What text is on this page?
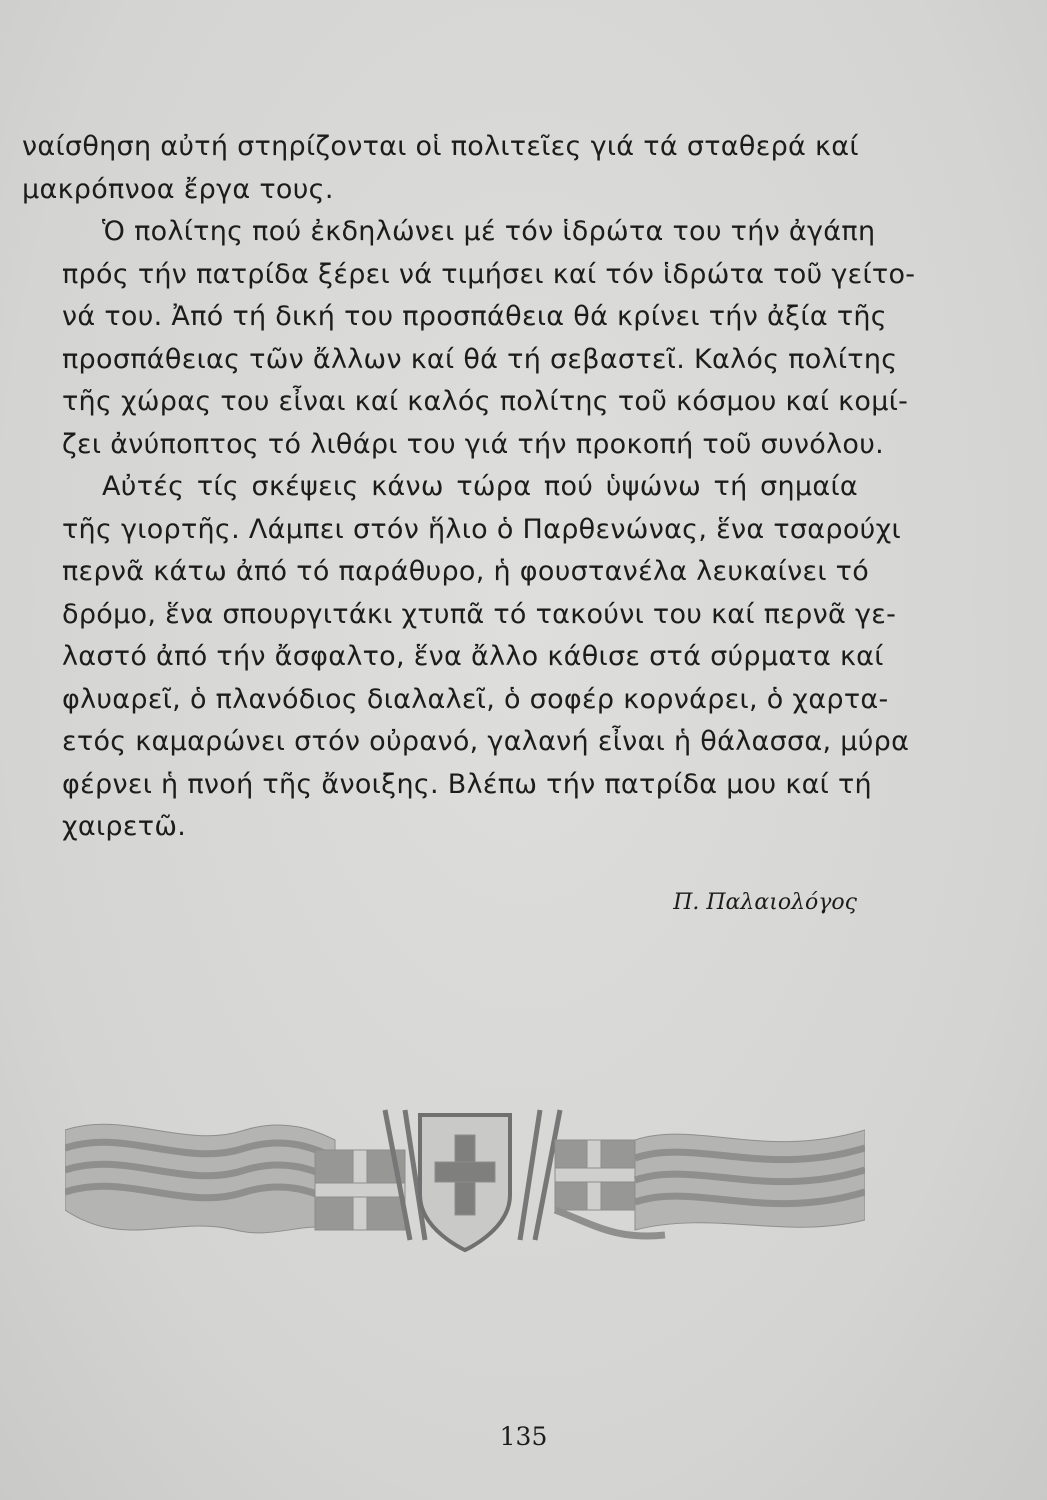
ναίσθηση αὐτή στηρίζονται οἱ πολιτεῖες γιά τά σταθερά καί
μακρόπνοα ἔργα τους.

Ὁ πολίτης πού ἐκδηλώνει μέ τόν ἱδρώτα του τήν ἀγάπη
πρός τήν πατρίδα ξέρει νά τιμήσει καί τόν ἱδρώτα τοῦ γείτο-
νά του. Ἀπό τή δική του προσπάθεια θά κρίνει τήν ἀξία τῆς
προσπάθειας τῶν ἄλλων καί θά τή σεβαστεῖ. Καλός πολίτης
τῆς χώρας του εἶναι καί καλός πολίτης τοῦ κόσμου καί κομί-
ζει ἀνύποπτος τό λιθάρι του γιά τήν προκοπή τοῦ συνόλου.

Αὐτές τίς σκέψεις κάνω τώρα πού ὑψώνω τή σημαία
τῆς γιορτῆς. Λάμπει στόν ἥλιο ὁ Παρθενώνας, ἕνα τσαρούχι
περνᾶ κάτω ἀπό τό παράθυρο, ἡ φουστανέλα λευκαίνει τό
δρόμο, ἕνα σπουργιτάκι χτυπᾶ τό τακούνι του καί περνᾶ γε-
λαστό ἀπό τήν ἄσφαλτο, ἕνα ἄλλο κάθισε στά σύρματα καί
φλυαρεῖ, ὁ πλανόδιος διαλαλεῖ, ὁ σοφέρ κορνάρει, ὁ χαρτα-
ετός καμαρώνει στόν οὐρανό, γαλανή εἶναι ἡ θάλασσα, μύρα
φέρνει ἡ πνοή τῆς ἄνοιξης. Βλέπω τήν πατρίδα μου καί τή
χαιρετῶ.

Π. Παλαιολόγος
135
